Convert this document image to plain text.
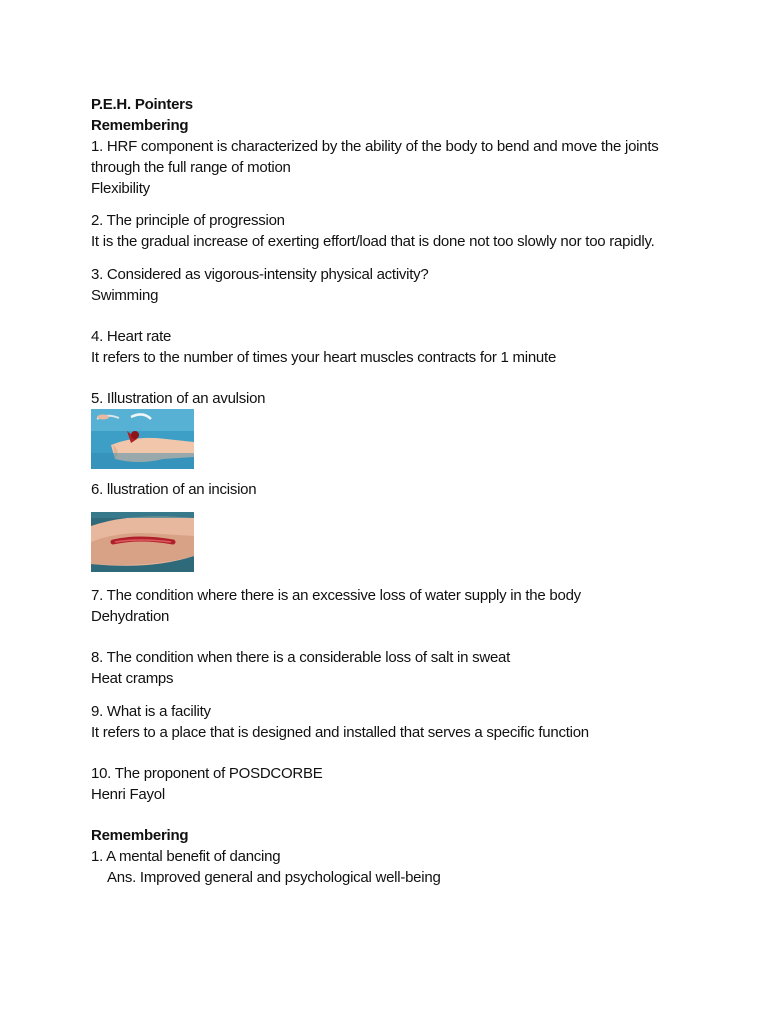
P.E.H. Pointers
Remembering
1. HRF component is characterized by the ability of the body to bend and move the joints
through the full range of motion
Flexibility
2. The principle of progression
It is the gradual increase of exerting effort/load that is done not too slowly nor too rapidly.
3. Considered as vigorous-intensity physical activity?
Swimming
4. Heart rate
It refers to the number of times your heart muscles contracts for 1 minute
5. Illustration of an avulsion
6. llustration of an incision
7. The condition where there is an excessive loss of water supply in the body
Dehydration
8. The condition when there is a considerable loss of salt in sweat
Heat cramps
9. What is a facility
It refers to a place that is designed and installed that serves a specific function
10. The proponent of POSDCORBE
Henri Fayol
Remembering
1. A mental benefit of dancing
Ans. Improved general and psychological well-being
